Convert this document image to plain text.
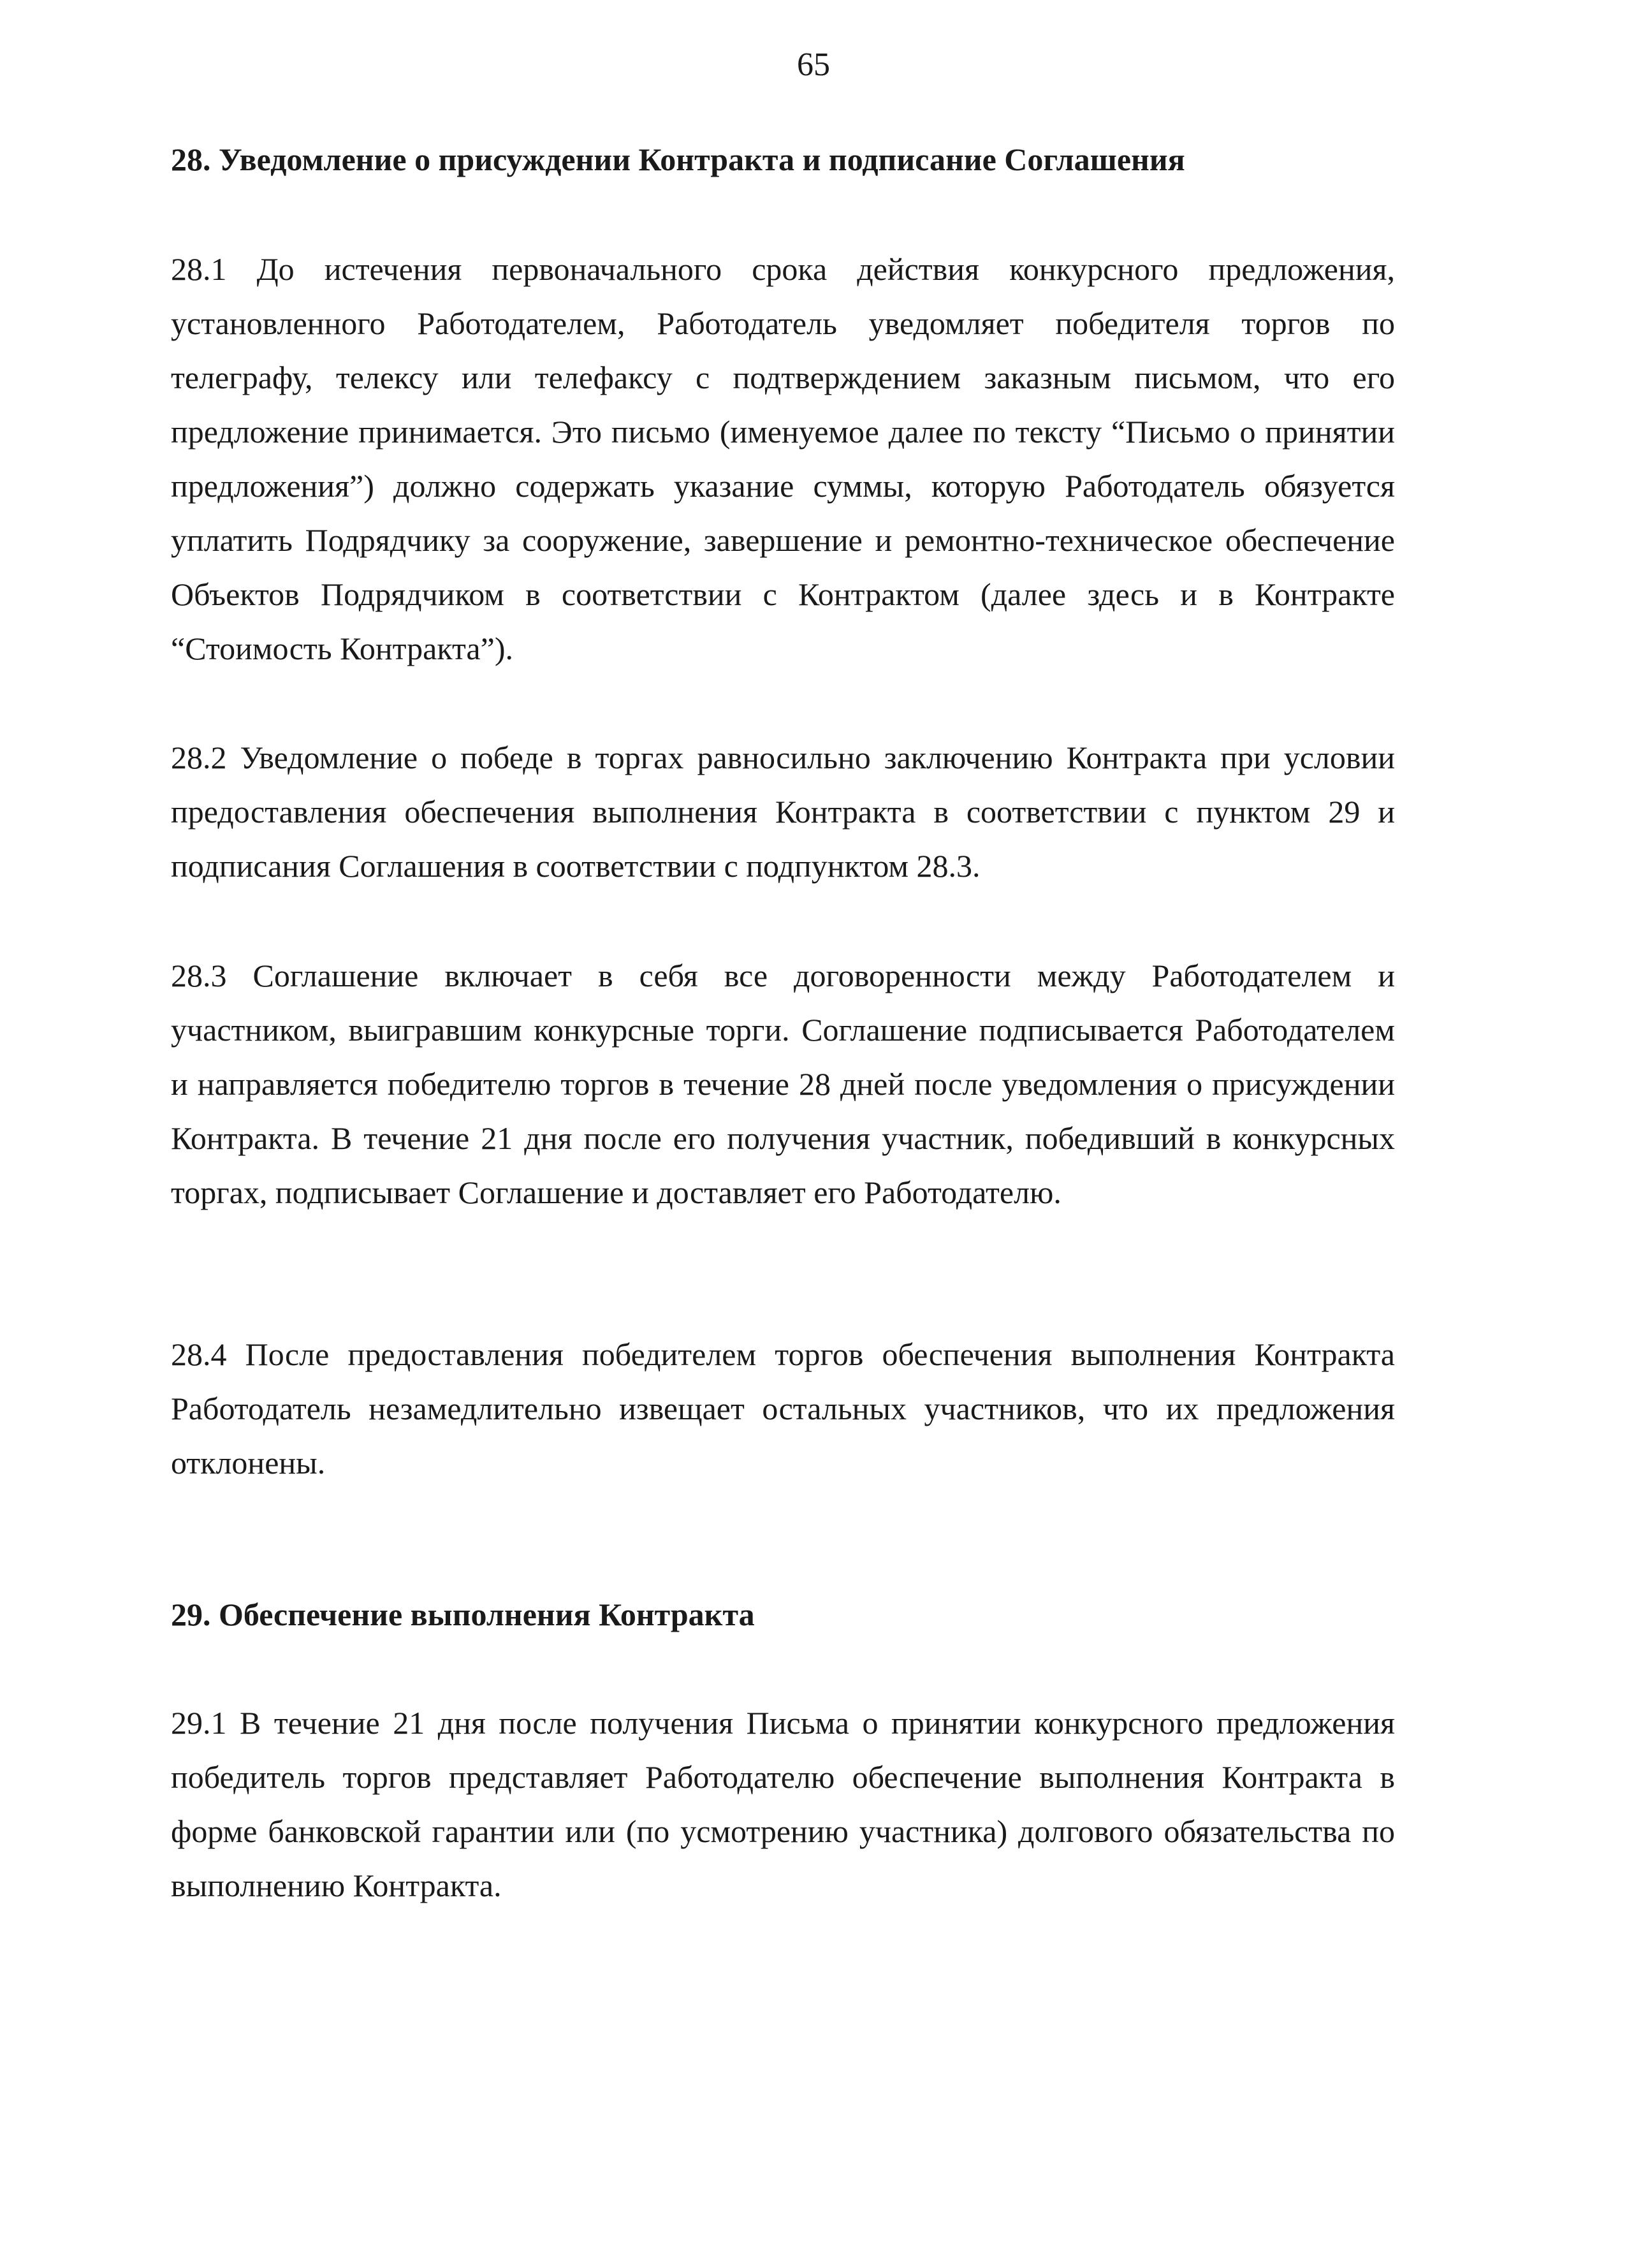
65
28. Уведомление о присуждении Контракта и подписание Соглашения

28.1 До истечения первоначального срока действия конкурсного предложения, установленного Работодателем, Работодатель уведомляет победителя торгов по телеграфу, телексу или телефаксу с подтверждением заказным письмом, что его предложение принимается. Это письмо (именуемое далее по тексту “Письмо о принятии предложения”) должно содержать указание суммы, которую Работодатель обязуется уплатить Подрядчику за сооружение, завершение и ремонтно-техническое обеспечение Объектов Подрядчиком в соответствии с Контрактом (далее здесь и в Контракте “Стоимость Контракта”).

28.2 Уведомление о победе в торгах равносильно заключению Контракта при условии предоставления обеспечения выполнения Контракта в соответствии с пунктом 29 и подписания Соглашения в соответствии с подпунктом 28.3.

28.3 Соглашение включает в себя все договоренности между Работодателем и участником, выигравшим конкурсные торги. Соглашение подписывается Работодателем и направляется победителю торгов в течение 28 дней после уведомления о присуждении Контракта. В течение 21 дня после его получения участник, победивший в конкурсных торгах, подписывает Соглашение и доставляет его Работодателю.

28.4 После предоставления победителем торгов обеспечения выполнения Контракта Работодатель незамедлительно извещает остальных участников, что их предложения отклонены.

29. Обеспечение выполнения Контракта

29.1 В течение 21 дня после получения Письма о принятии конкурсного предложения победитель торгов представляет Работодателю обеспечение выполнения Контракта в форме банковской гарантии или (по усмотрению участника) долгового обязательства по выполнению Контракта.
